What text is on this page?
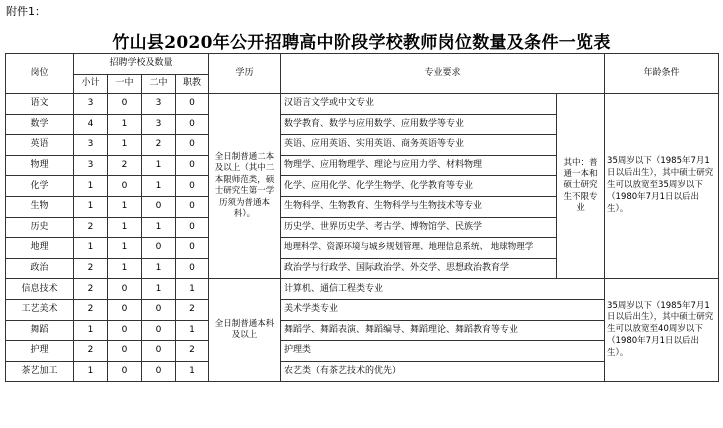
附件1：
竹山县2020年公开招聘高中阶段学校教师岗位数量及条件一览表
岗位	招聘学校及数量				学历	专业要求		年龄条件
	小计	一中	二中	职教				
语文	3	0	3	0	全日制普通二本及以上（其中二本限师范类，硕士研究生第一学历须为普通本科）。	汉语言文学或中文专业	其中：普通一本和硕士研究生不限专业	35周岁以下（1985年7月1日以后出生），其中硕士研究生可以放宽至35周岁以下（1980年7月1日以后出生）。
数学	4	1	3	0		数学教育、数学与应用数学、应用数学等专业		
英语	3	1	2	0		英语、应用英语、实用英语、商务英语等专业		
物理	3	2	1	0		物理学、应用物理学、理论与应用力学、材料物理		
化学	1	0	1	0		化学、应用化学、化学生物学、化学教育等专业		
生物	1	1	0	0		生物科学、生物教育、生物科学与生物技术等专业		
历史	2	1	1	0		历史学、世界历史学、考古学、博物馆学、民族学		
地理	1	1	0	0		地理科学、资源环境与城乡规划管理、地理信息系统、 地球物理学		
政治	2	1	1	0		政治学与行政学、国际政治学、外交学、思想政治教育学		
信息技术	2	0	1	1	全日制普通本科及以上	计算机、通信工程类专业		35周岁以下（1985年7月1日以后出生），其中硕士研究生可以放宽至40周岁以下（1980年7月1日以后出生）。
工艺美术	2	0	0	2		美术学类专业		
舞蹈	1	0	0	1		舞蹈学、舞蹈表演、舞蹈编导、舞蹈理论、舞蹈教育等专业		
护理	2	0	0	2		护理类		
茶艺加工	1	0	0	1		农艺类（有茶艺技术的优先）		
